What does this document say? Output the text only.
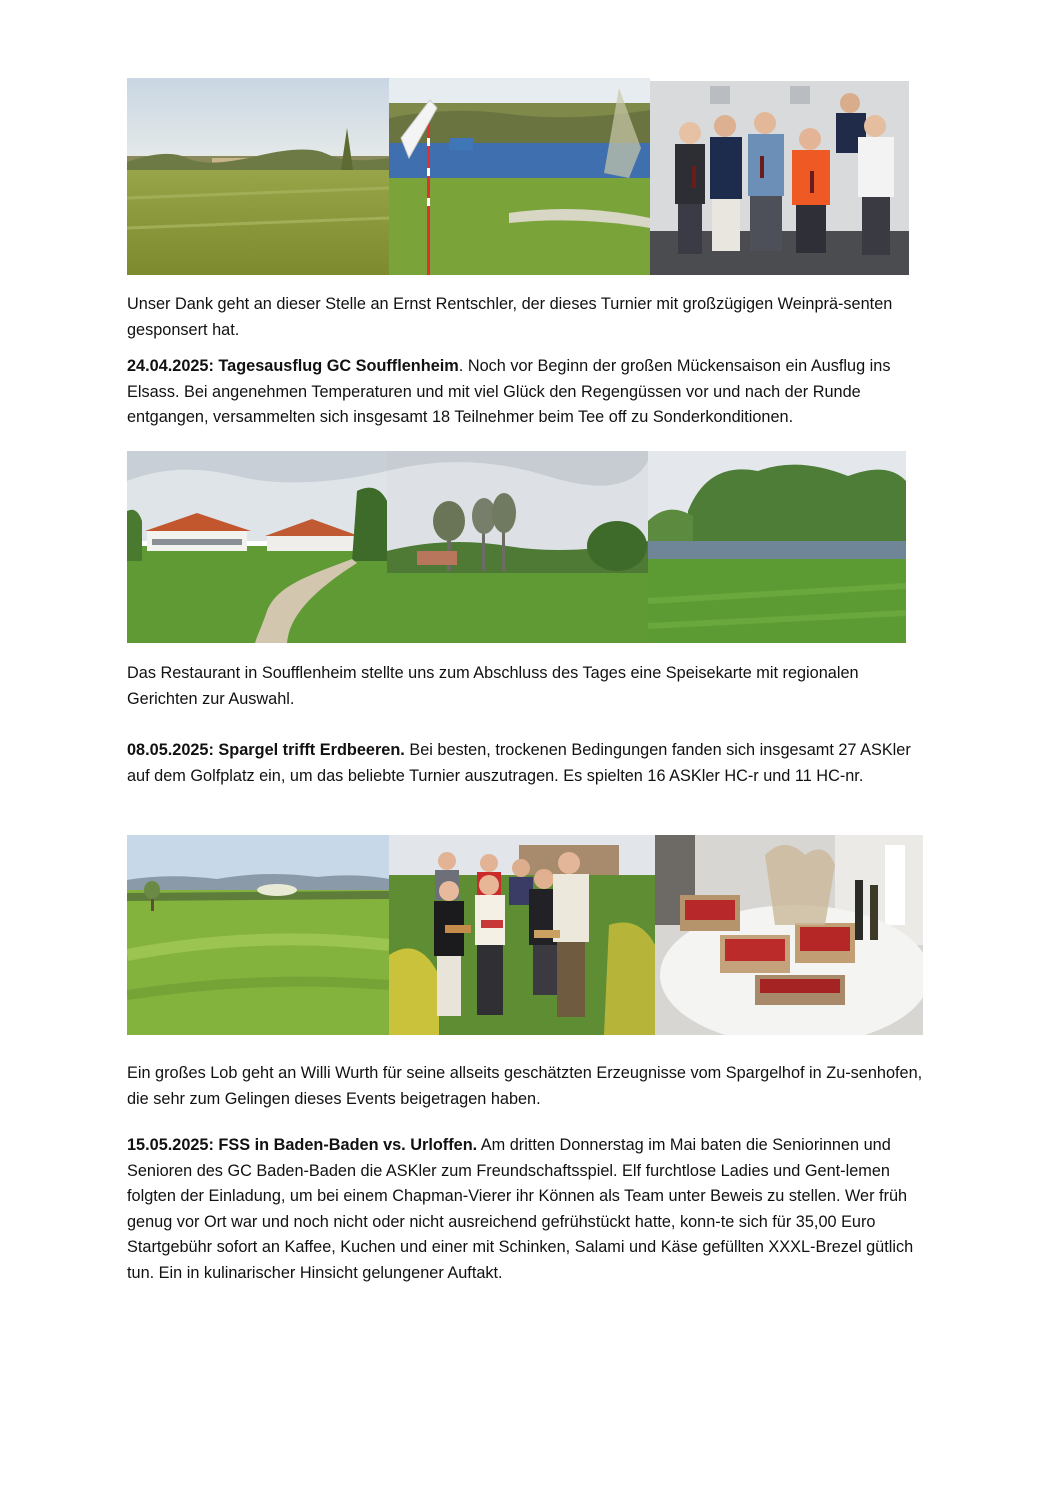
Unser Dank geht an dieser Stelle an Ernst Rentschler, der dieses Turnier mit großzügigen Weinprä-senten gesponsert hat.

24.04.2025: Tagesausflug GC Soufflenheim. Noch vor Beginn der großen Mückensaison ein Ausflug ins Elsass. Bei angenehmen Temperaturen und mit viel Glück den Regengüssen vor und nach der Runde entgangen, versammelten sich insgesamt 18 Teilnehmer beim Tee off zu Sonderkonditionen.

Das Restaurant in Soufflenheim stellte uns zum Abschluss des Tages eine Speisekarte mit regionalen Gerichten zur Auswahl.

08.05.2025: Spargel trifft Erdbeeren. Bei besten, trockenen Bedingungen fanden sich insgesamt 27 ASKler auf dem Golfplatz ein, um das beliebte Turnier auszutragen. Es spielten 16 ASKler HC-r und 11 HC-nr.

Ein großes Lob geht an Willi Wurth für seine allseits geschätzten Erzeugnisse vom Spargelhof in Zu-senhofen, die sehr zum Gelingen dieses Events beigetragen haben.

15.05.2025: FSS in Baden-Baden vs. Urloffen. Am dritten Donnerstag im Mai baten die Seniorinnen und Senioren des GC Baden-Baden die ASKler zum Freundschaftsspiel. Elf furchtlose Ladies und Gent-lemen folgten der Einladung, um bei einem Chapman-Vierer ihr Können als Team unter Beweis zu stellen. Wer früh genug vor Ort war und noch nicht oder nicht ausreichend gefrühstückt hatte, konn-te sich für 35,00 Euro Startgebühr sofort an Kaffee, Kuchen und einer mit Schinken, Salami und Käse gefüllten XXXL-Brezel gütlich tun. Ein in kulinarischer Hinsicht gelungener Auftakt.
